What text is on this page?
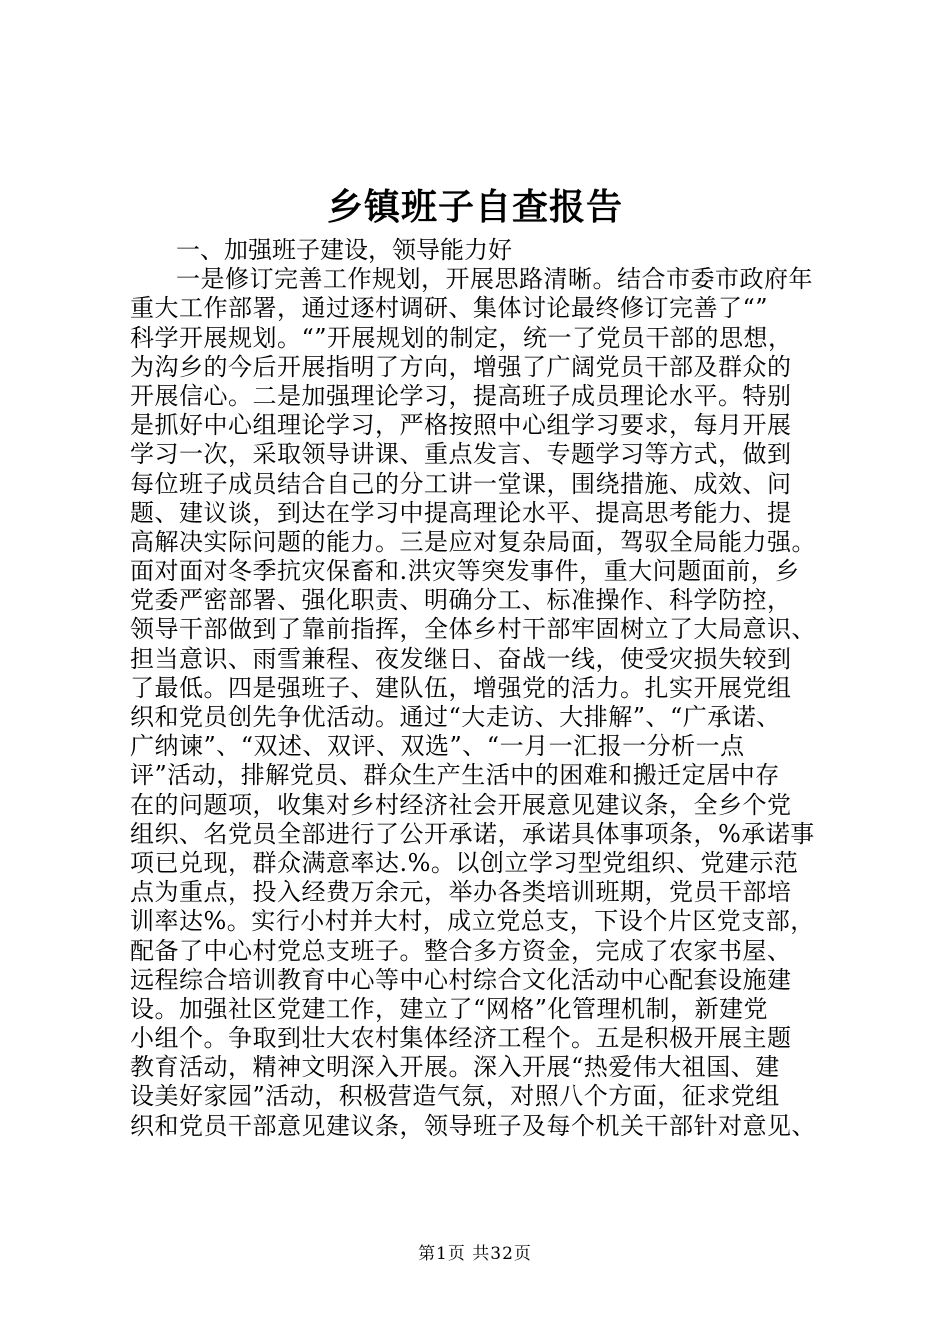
乡镇班子自查报告
一、加强班子建设，领导能力好
一是修订完善工作规划，开展思路清晰。结合市委市政府年
重大工作部署，通过逐村调研、集体讨论最终修订完善了“”
科学开展规划。“”开展规划的制定，统一了党员干部的思想，
为沟乡的今后开展指明了方向，增强了广阔党员干部及群众的
开展信心。二是加强理论学习，提高班子成员理论水平。特别
是抓好中心组理论学习，严格按照中心组学习要求，每月开展
学习一次，采取领导讲课、重点发言、专题学习等方式，做到
每位班子成员结合自己的分工讲一堂课，围绕措施、成效、问
题、建议谈，到达在学习中提高理论水平、提高思考能力、提
高解决实际问题的能力。三是应对复杂局面，驾驭全局能力强。
面对面对冬季抗灾保畜和.洪灾等突发事件，重大问题面前，乡
党委严密部署、强化职责、明确分工、标准操作、科学防控，
领导干部做到了靠前指挥，全体乡村干部牢固树立了大局意识、
担当意识、雨雪兼程、夜发继日、奋战一线，使受灾损失较到
了最低。四是强班子、建队伍，增强党的活力。扎实开展党组
织和党员创先争优活动。通过“大走访、大排解”、“广承诺、
广纳谏”、“双述、双评、双选”、“一月一汇报一分析一点
评”活动，排解党员、群众生产生活中的困难和搬迁定居中存
在的问题项，收集对乡村经济社会开展意见建议条，全乡个党
组织、名党员全部进行了公开承诺，承诺具体事项条，%承诺事
项已兑现，群众满意率达.%。以创立学习型党组织、党建示范
点为重点，投入经费万余元，举办各类培训班期，党员干部培
训率达%。实行小村并大村，成立党总支，下设个片区党支部，
配备了中心村党总支班子。整合多方资金，完成了农家书屋、
远程综合培训教育中心等中心村综合文化活动中心配套设施建
设。加强社区党建工作，建立了“网格”化管理机制，新建党
小组个。争取到壮大农村集体经济工程个。五是积极开展主题
教育活动，精神文明深入开展。深入开展“热爱伟大祖国、建
设美好家园”活动，积极营造气氛，对照八个方面，征求党组
织和党员干部意见建议条，领导班子及每个机关干部针对意见、
第1页 共32页
